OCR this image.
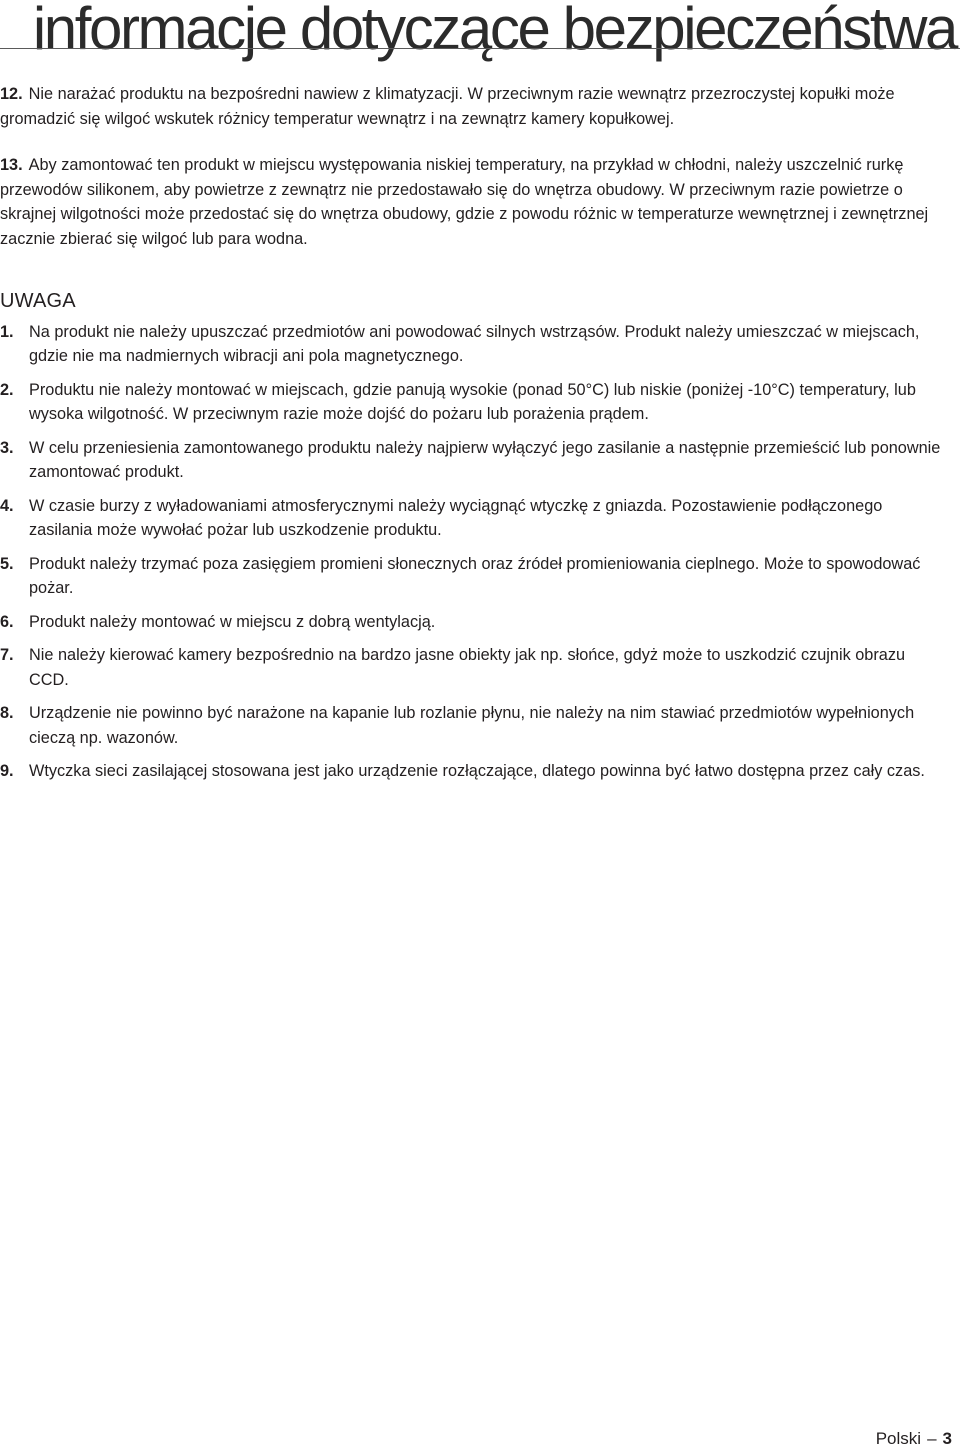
informacje dotyczące bezpieczeństwa

12. Nie narażać produktu na bezpośredni nawiew z klimatyzacji. W przeciwnym razie wewnątrz przezroczystej kopułki może gromadzić się wilgoć wskutek różnicy temperatur wewnątrz i na zewnątrz kamery kopułkowej.

13. Aby zamontować ten produkt w miejscu występowania niskiej temperatury, na przykład w chłodni, należy uszczelnić rurkę przewodów silikonem, aby powietrze z zewnątrz nie przedostawało się do wnętrza obudowy. W przeciwnym razie powietrze o skrajnej wilgotności może przedostać się do wnętrza obudowy, gdzie z powodu różnic w temperaturze wewnętrznej i zewnętrznej zacznie zbierać się wilgoć lub para wodna.

UWAGA

1. Na produkt nie należy upuszczać przedmiotów ani powodować silnych wstrząsów. Produkt należy umieszczać w miejscach, gdzie nie ma nadmiernych wibracji ani pola magnetycznego.

2. Produktu nie należy montować w miejscach, gdzie panują wysokie (ponad 50°C) lub niskie (poniżej -10°C) temperatury, lub wysoka wilgotność. W przeciwnym razie może dojść do pożaru lub porażenia prądem.

3. W celu przeniesienia zamontowanego produktu należy najpierw wyłączyć jego zasilanie a następnie przemieścić lub ponownie zamontować produkt.

4. W czasie burzy z wyładowaniami atmosferycznymi należy wyciągnąć wtyczkę z gniazda. Pozostawienie podłączonego zasilania może wywołać pożar lub uszkodzenie produktu.

5. Produkt należy trzymać poza zasięgiem promieni słonecznych oraz źródeł promieniowania cieplnego. Może to spowodować pożar.

6. Produkt należy montować w miejscu z dobrą wentylacją.

7. Nie należy kierować kamery bezpośrednio na bardzo jasne obiekty jak np. słońce, gdyż może to uszkodzić czujnik obrazu CCD.

8. Urządzenie nie powinno być narażone na kapanie lub rozlanie płynu, nie należy na nim stawiać przedmiotów wypełnionych cieczą np. wazonów.

9. Wtyczka sieci zasilającej stosowana jest jako urządzenie rozłączające, dlatego powinna być łatwo dostępna przez cały czas.

Polski – 3
